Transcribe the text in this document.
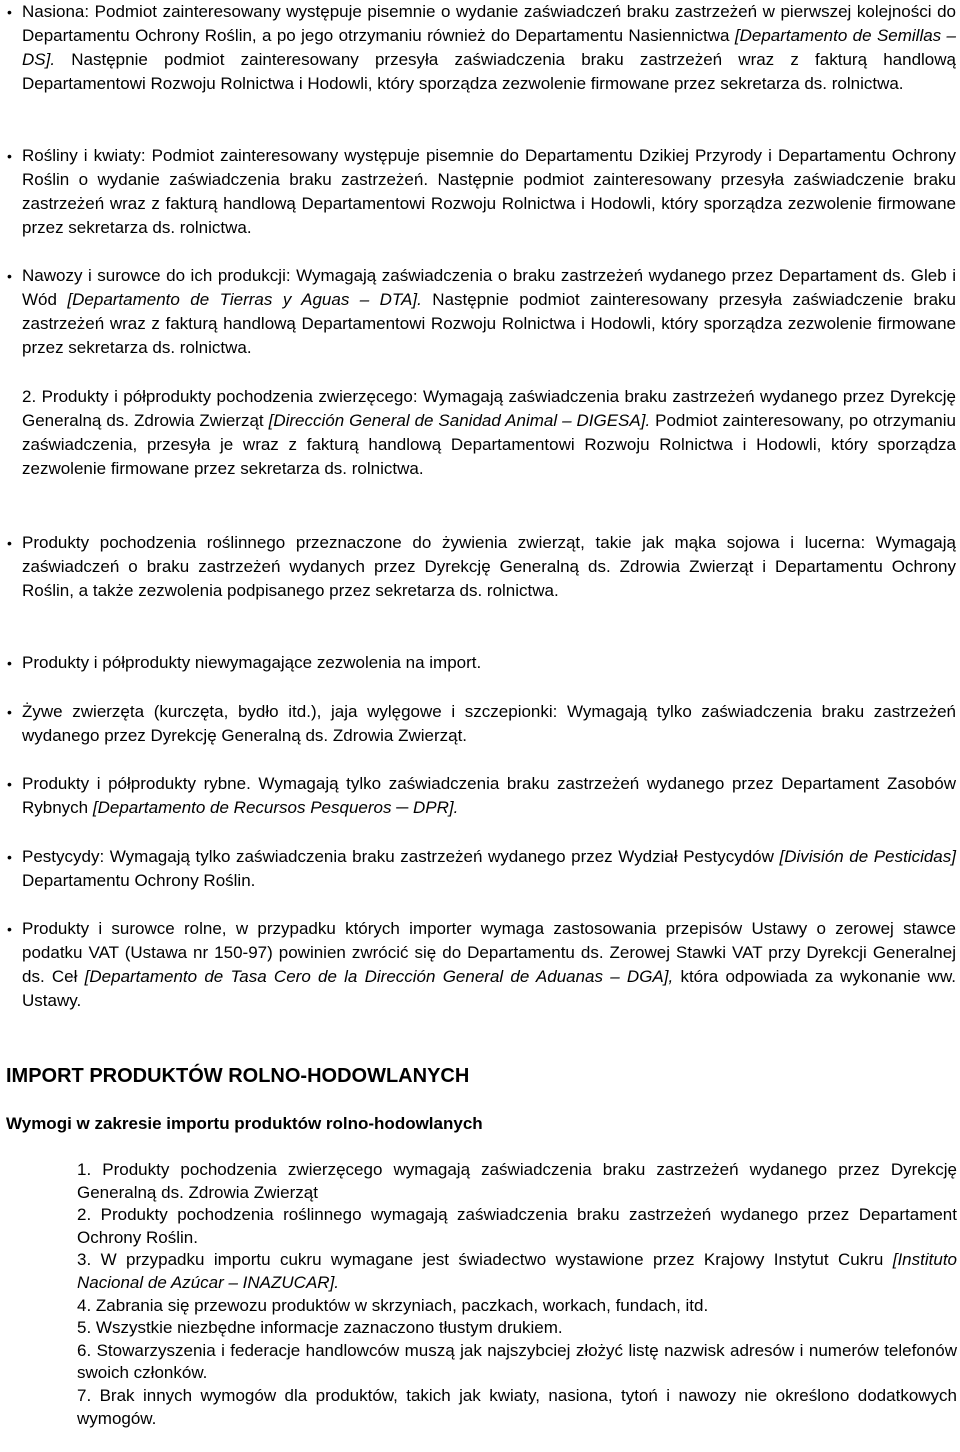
• Nasiona: Podmiot zainteresowany występuje pisemnie o wydanie zaświadczeń braku zastrzeżeń w pierwszej kolejności do Departamentu Ochrony Roślin, a po jego otrzymaniu również do Departamentu Nasiennictwa [Departamento de Semillas – DS]. Następnie podmiot zainteresowany przesyła zaświadczenia braku zastrzeżeń wraz z fakturą handlową Departamentowi Rozwoju Rolnictwa i Hodowli, który sporządza zezwolenie firmowane przez sekretarza ds. rolnictwa.

• Rośliny i kwiaty: Podmiot zainteresowany występuje pisemnie do Departamentu Dzikiej Przyrody i Departamentu Ochrony Roślin o wydanie zaświadczenia braku zastrzeżeń. Następnie podmiot zainteresowany przesyła zaświadczenie braku zastrzeżeń wraz z fakturą handlową Departamentowi Rozwoju Rolnictwa i Hodowli, który sporządza zezwolenie firmowane przez sekretarza ds. rolnictwa.

• Nawozy i surowce do ich produkcji: Wymagają zaświadczenia o braku zastrzeżeń wydanego przez Departament ds. Gleb i Wód [Departamento de Tierras y Aguas – DTA]. Następnie podmiot zainteresowany przesyła zaświadczenie braku zastrzeżeń wraz z fakturą handlową Departamentowi Rozwoju Rolnictwa i Hodowli, który sporządza zezwolenie firmowane przez sekretarza ds. rolnictwa.

2. Produkty i półprodukty pochodzenia zwierzęcego: Wymagają zaświadczenia braku zastrzeżeń wydanego przez Dyrekcję Generalną ds. Zdrowia Zwierząt [Dirección General de Sanidad Animal – DIGESA]. Podmiot zainteresowany, po otrzymaniu zaświadczenia, przesyła je wraz z fakturą handlową Departamentowi Rozwoju Rolnictwa i Hodowli, który sporządza zezwolenie firmowane przez sekretarza ds. rolnictwa.

• Produkty pochodzenia roślinnego przeznaczone do żywienia zwierząt, takie jak mąka sojowa i lucerna: Wymagają zaświadczeń o braku zastrzeżeń wydanych przez Dyrekcję Generalną ds. Zdrowia Zwierząt i Departamentu Ochrony Roślin, a także zezwolenia podpisanego przez sekretarza ds. rolnictwa.

• Produkty i półprodukty niewymagające zezwolenia na import.

• Żywe zwierzęta (kurczęta, bydło itd.), jaja wylęgowe i szczepionki: Wymagają tylko zaświadczenia braku zastrzeżeń wydanego przez Dyrekcję Generalną ds. Zdrowia Zwierząt.

• Produkty i półprodukty rybne. Wymagają tylko zaświadczenia braku zastrzeżeń wydanego przez Departament Zasobów Rybnych [Departamento de Recursos Pesqueros ─ DPR].

• Pestycydy: Wymagają tylko zaświadczenia braku zastrzeżeń wydanego przez Wydział Pestycydów [División de Pesticidas] Departamentu Ochrony Roślin.

• Produkty i surowce rolne, w przypadku których importer wymaga zastosowania przepisów Ustawy o zerowej stawce podatku VAT (Ustawa nr 150-97) powinien zwrócić się do Departamentu ds. Zerowej Stawki VAT przy Dyrekcji Generalnej ds. Ceł [Departamento de Tasa Cero de la Dirección General de Aduanas – DGA], która odpowiada za wykonanie ww. Ustawy.

IMPORT PRODUKTÓW ROLNO-HODOWLANYCH
Wymogi w zakresie importu produktów rolno-hodowlanych

1. Produkty pochodzenia zwierzęcego wymagają zaświadczenia braku zastrzeżeń wydanego przez Dyrekcję Generalną ds. Zdrowia Zwierząt

2. Produkty pochodzenia roślinnego wymagają zaświadczenia braku zastrzeżeń wydanego przez Departament Ochrony Roślin.

3. W przypadku importu cukru wymagane jest świadectwo wystawione przez Krajowy Instytut Cukru [Instituto Nacional de Azúcar – INAZUCAR].

4. Zabrania się przewozu produktów w skrzyniach, paczkach, workach, fundach, itd.

5. Wszystkie niezbędne informacje zaznaczono tłustym drukiem.

6. Stowarzyszenia i federacje handlowców muszą jak najszybciej złożyć listę nazwisk adresów i numerów telefonów swoich członków.

7. Brak innych wymogów dla produktów, takich jak kwiaty, nasiona, tytoń i nawozy nie określono dodatkowych wymogów.
